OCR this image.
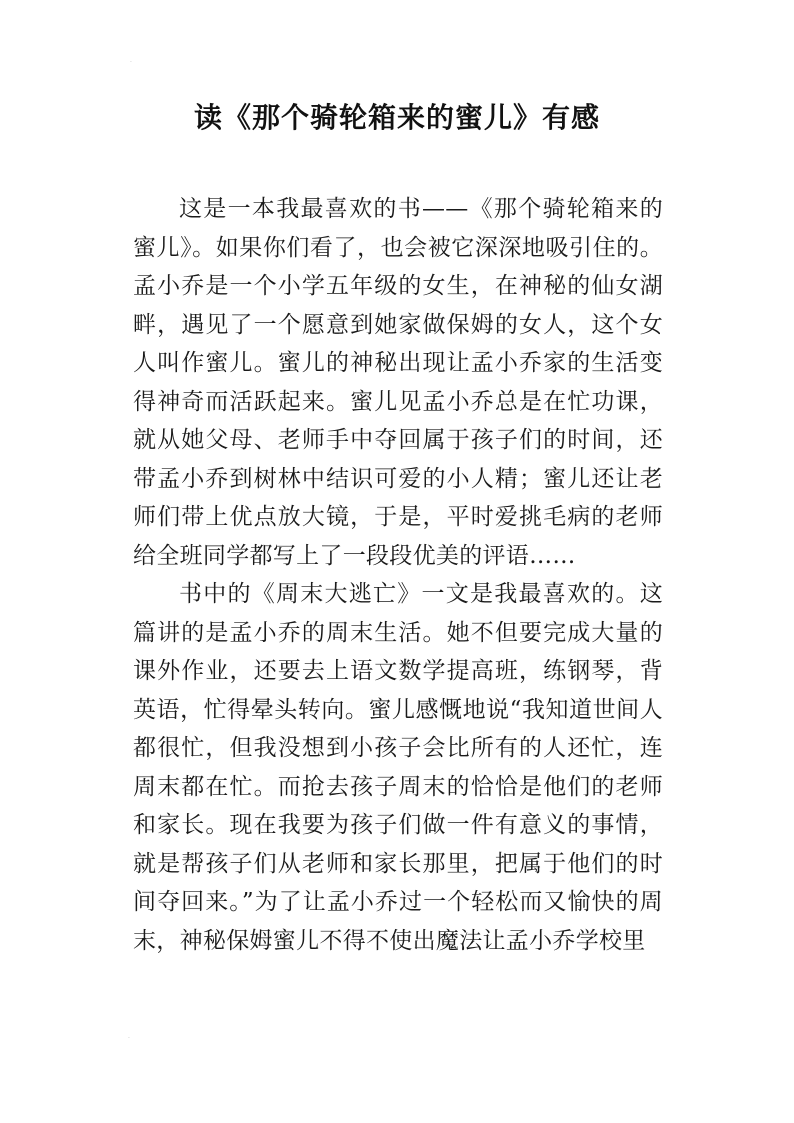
·
读《那个骑轮箱来的蜜儿》有感

这是一本我最喜欢的书——《那个骑轮箱来的蜜儿》。如果你们看了，也会被它深深地吸引住的。孟小乔是一个小学五年级的女生，在神秘的仙女湖畔，遇见了一个愿意到她家做保姆的女人，这个女人叫作蜜儿。蜜儿的神秘出现让孟小乔家的生活变得神奇而活跃起来。蜜儿见孟小乔总是在忙功课，就从她父母、老师手中夺回属于孩子们的时间，还带孟小乔到树林中结识可爱的小人精；蜜儿还让老师们带上优点放大镜，于是，平时爱挑毛病的老师给全班同学都写上了一段段优美的评语……

书中的《周末大逃亡》一文是我最喜欢的。这篇讲的是孟小乔的周末生活。她不但要完成大量的课外作业，还要去上语文数学提高班，练钢琴，背英语，忙得晕头转向。蜜儿感慨地说“我知道世间人都很忙，但我没想到小孩子会比所有的人还忙，连周末都在忙。而抢去孩子周末的恰恰是他们的老师和家长。现在我要为孩子们做一件有意义的事情，就是帮孩子们从老师和家长那里，把属于他们的时间夺回来。”为了让孟小乔过一个轻松而又愉快的周末，神秘保姆蜜儿不得不使出魔法让孟小乔学校里

·
